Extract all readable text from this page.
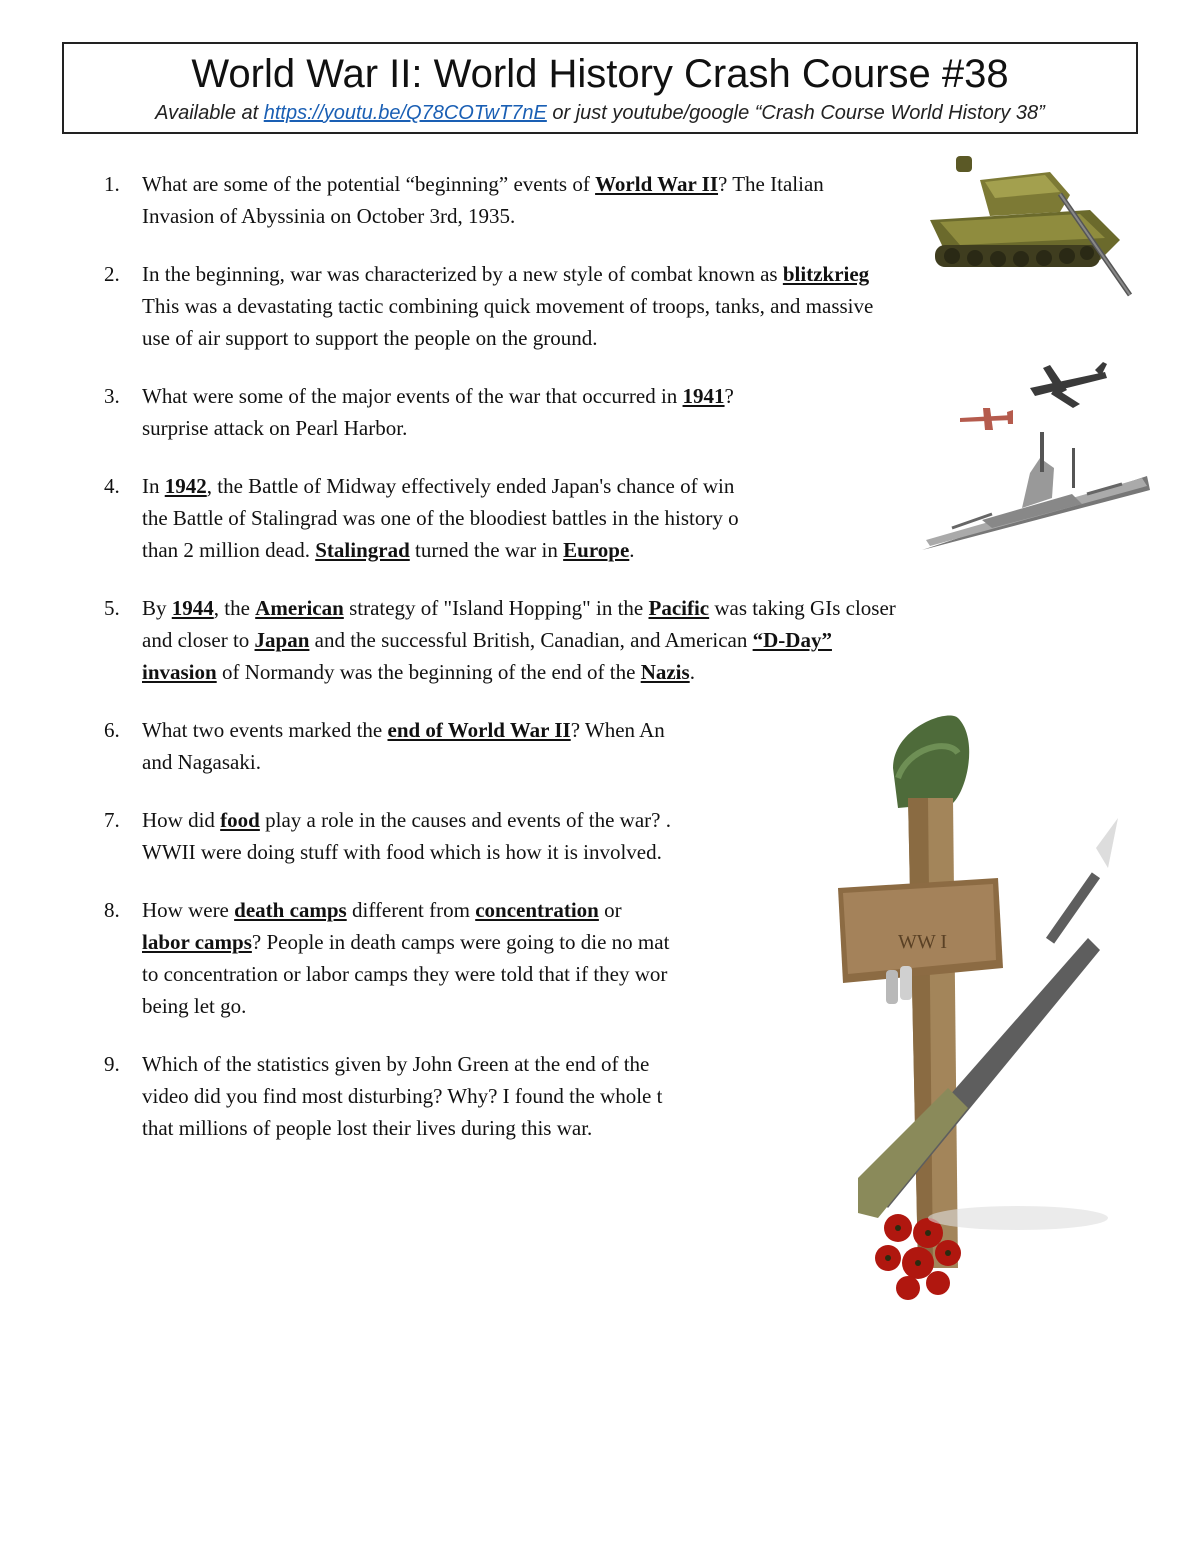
World War II: World History Crash Course #38
Available at https://youtu.be/Q78COTwT7nE or just youtube/google “Crash Course World History 38”
1.	What are some of the potential “beginning” events of World War II? The Italian
Invasion of Abyssinia on October 3rd, 1935.
2.	In the beginning, war was characterized by a new style of combat known as blitzkrieg
This was a devastating tactic combining quick movement of troops, tanks, and massive
use of air support to support the people on the ground.
3.	What were some of the major events of the war that occurred in 1941?
surprise attack on Pearl Harbor.
4.	In 1942, the Battle of Midway effectively ended Japan's chance of win
the Battle of Stalingrad was one of the bloodiest battles in the history o
than 2 million dead. Stalingrad turned the war in Europe.
5.	By 1944, the American strategy of "Island Hopping" in the Pacific was taking GIs closer
and closer to Japan and the successful British, Canadian, and American “D-Day”
invasion of Normandy was the beginning of the end of the Nazis.
6.	What two events marked the end of World War II? When An
and Nagasaki.
7.	How did food play a role in the causes and events of the war? .
WWII were doing stuff with food which is how it is involved.
8.	How were death camps different from concentration or
labor camps? People in death camps were going to die no mat
to concentration or labor camps they were told that if they wor
being let go.
9.	Which of the statistics given by John Green at the end of the
video did you find most disturbing? Why? I found the whole t
that millions of people lost their lives during this war.
WW I
